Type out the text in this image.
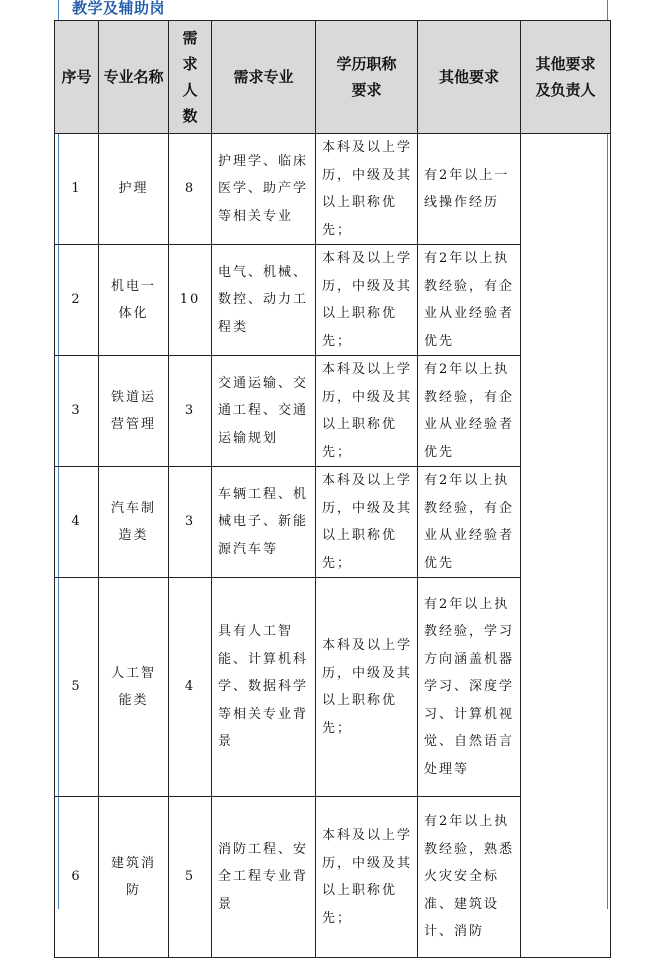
教学及辅助岗
序号	专业名称	需求人数	需求专业	学历职称要求	其他要求	其他要求及负责人

1	护理	8	护理学、临床医学、助产学等相关专业	本科及以上学历，中级及其以上职称优先；	有2年以上一线操作经历	
2	机电一体化	10	电气、机械、数控、动力工程类	本科及以上学历，中级及其以上职称优先；	有2年以上执教经验，有企业从业经验者优先	
3	铁道运营管理	3	交通运输、交通工程、交通运输规划	本科及以上学历，中级及其以上职称优先；	有2年以上执教经验，有企业从业经验者优先	
4	汽车制造类	3	车辆工程、机械电子、新能源汽车等	本科及以上学历，中级及其以上职称优先；	有2年以上执教经验，有企业从业经验者优先	
5	人工智能类	4	具有人工智能、计算机科学、数据科学等相关专业背景	本科及以上学历，中级及其以上职称优先；	有2年以上执教经验，学习方向涵盖机器学习、深度学习、计算机视觉、自然语言处理等	
6	建筑消防	5	消防工程、安全工程专业背景	本科及以上学历，中级及其以上职称优先；	有2年以上执教经验，熟悉火灾安全标准、建筑设计、消防	
